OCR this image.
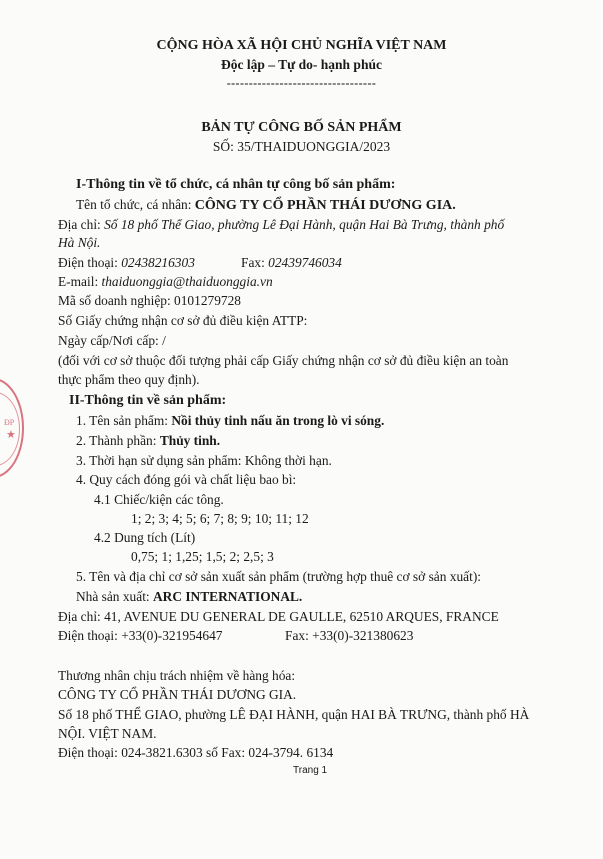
ĐP
★
CỘNG HÒA XÃ HỘI CHỦ NGHĨA VIỆT NAM
Độc lập – Tự do- hạnh phúc
----------------------------------
BẢN TỰ CÔNG BỐ SẢN PHẨM
SỐ: 35/THAIDUONGGIA/2023
I-Thông tin về tổ chức, cá nhân tự công bố sản phẩm:
Tên tổ chức, cá nhân: CÔNG TY CỔ PHẦN THÁI DƯƠNG GIA.
Địa chỉ: Số 18 phố Thể Giao, phường Lê Đại Hành, quận Hai Bà Trưng, thành phố
Hà Nội.
Điện thoại: 02438216303	Fax: 02439746034
E-mail: thaiduonggia@thaiduonggia.vn
Mã số doanh nghiệp: 0101279728
Số Giấy chứng nhận cơ sở đủ điều kiện ATTP:
Ngày cấp/Nơi cấp: /
(đối với cơ sở thuộc đối tượng phải cấp Giấy chứng nhận cơ sở đủ điều kiện an toàn
thực phẩm theo quy định).
II-Thông tin về sản phẩm:
1. Tên sản phẩm: Nồi thủy tinh nấu ăn trong lò vi sóng.
2. Thành phần: Thủy tinh.
3. Thời hạn sử dụng sản phẩm: Không thời hạn.
4. Quy cách đóng gói và chất liệu bao bì:
4.1 Chiếc/kiện các tông.
1; 2; 3; 4; 5; 6; 7; 8; 9; 10; 11; 12
4.2 Dung tích (Lít)
0,75; 1; 1,25; 1,5; 2; 2,5; 3
5. Tên và địa chỉ cơ sở sản xuất sản phẩm (trường hợp thuê cơ sở sản xuất):
Nhà sản xuất: ARC INTERNATIONAL.
Địa chỉ: 41, AVENUE DU GENERAL DE GAULLE, 62510 ARQUES, FRANCE
Điện thoại: +33(0)-321954647	Fax: +33(0)-321380623
Thương nhân chịu trách nhiệm về hàng hóa:
CÔNG TY CỔ PHẦN THÁI DƯƠNG GIA.
Số 18 phố THỂ GIAO, phường LÊ ĐẠI HÀNH, quận HAI BÀ TRƯNG, thành phố HÀ
NỘI. VIỆT NAM.
Điện thoại: 024-3821.6303 số Fax: 024-3794. 6134
Trang 1
